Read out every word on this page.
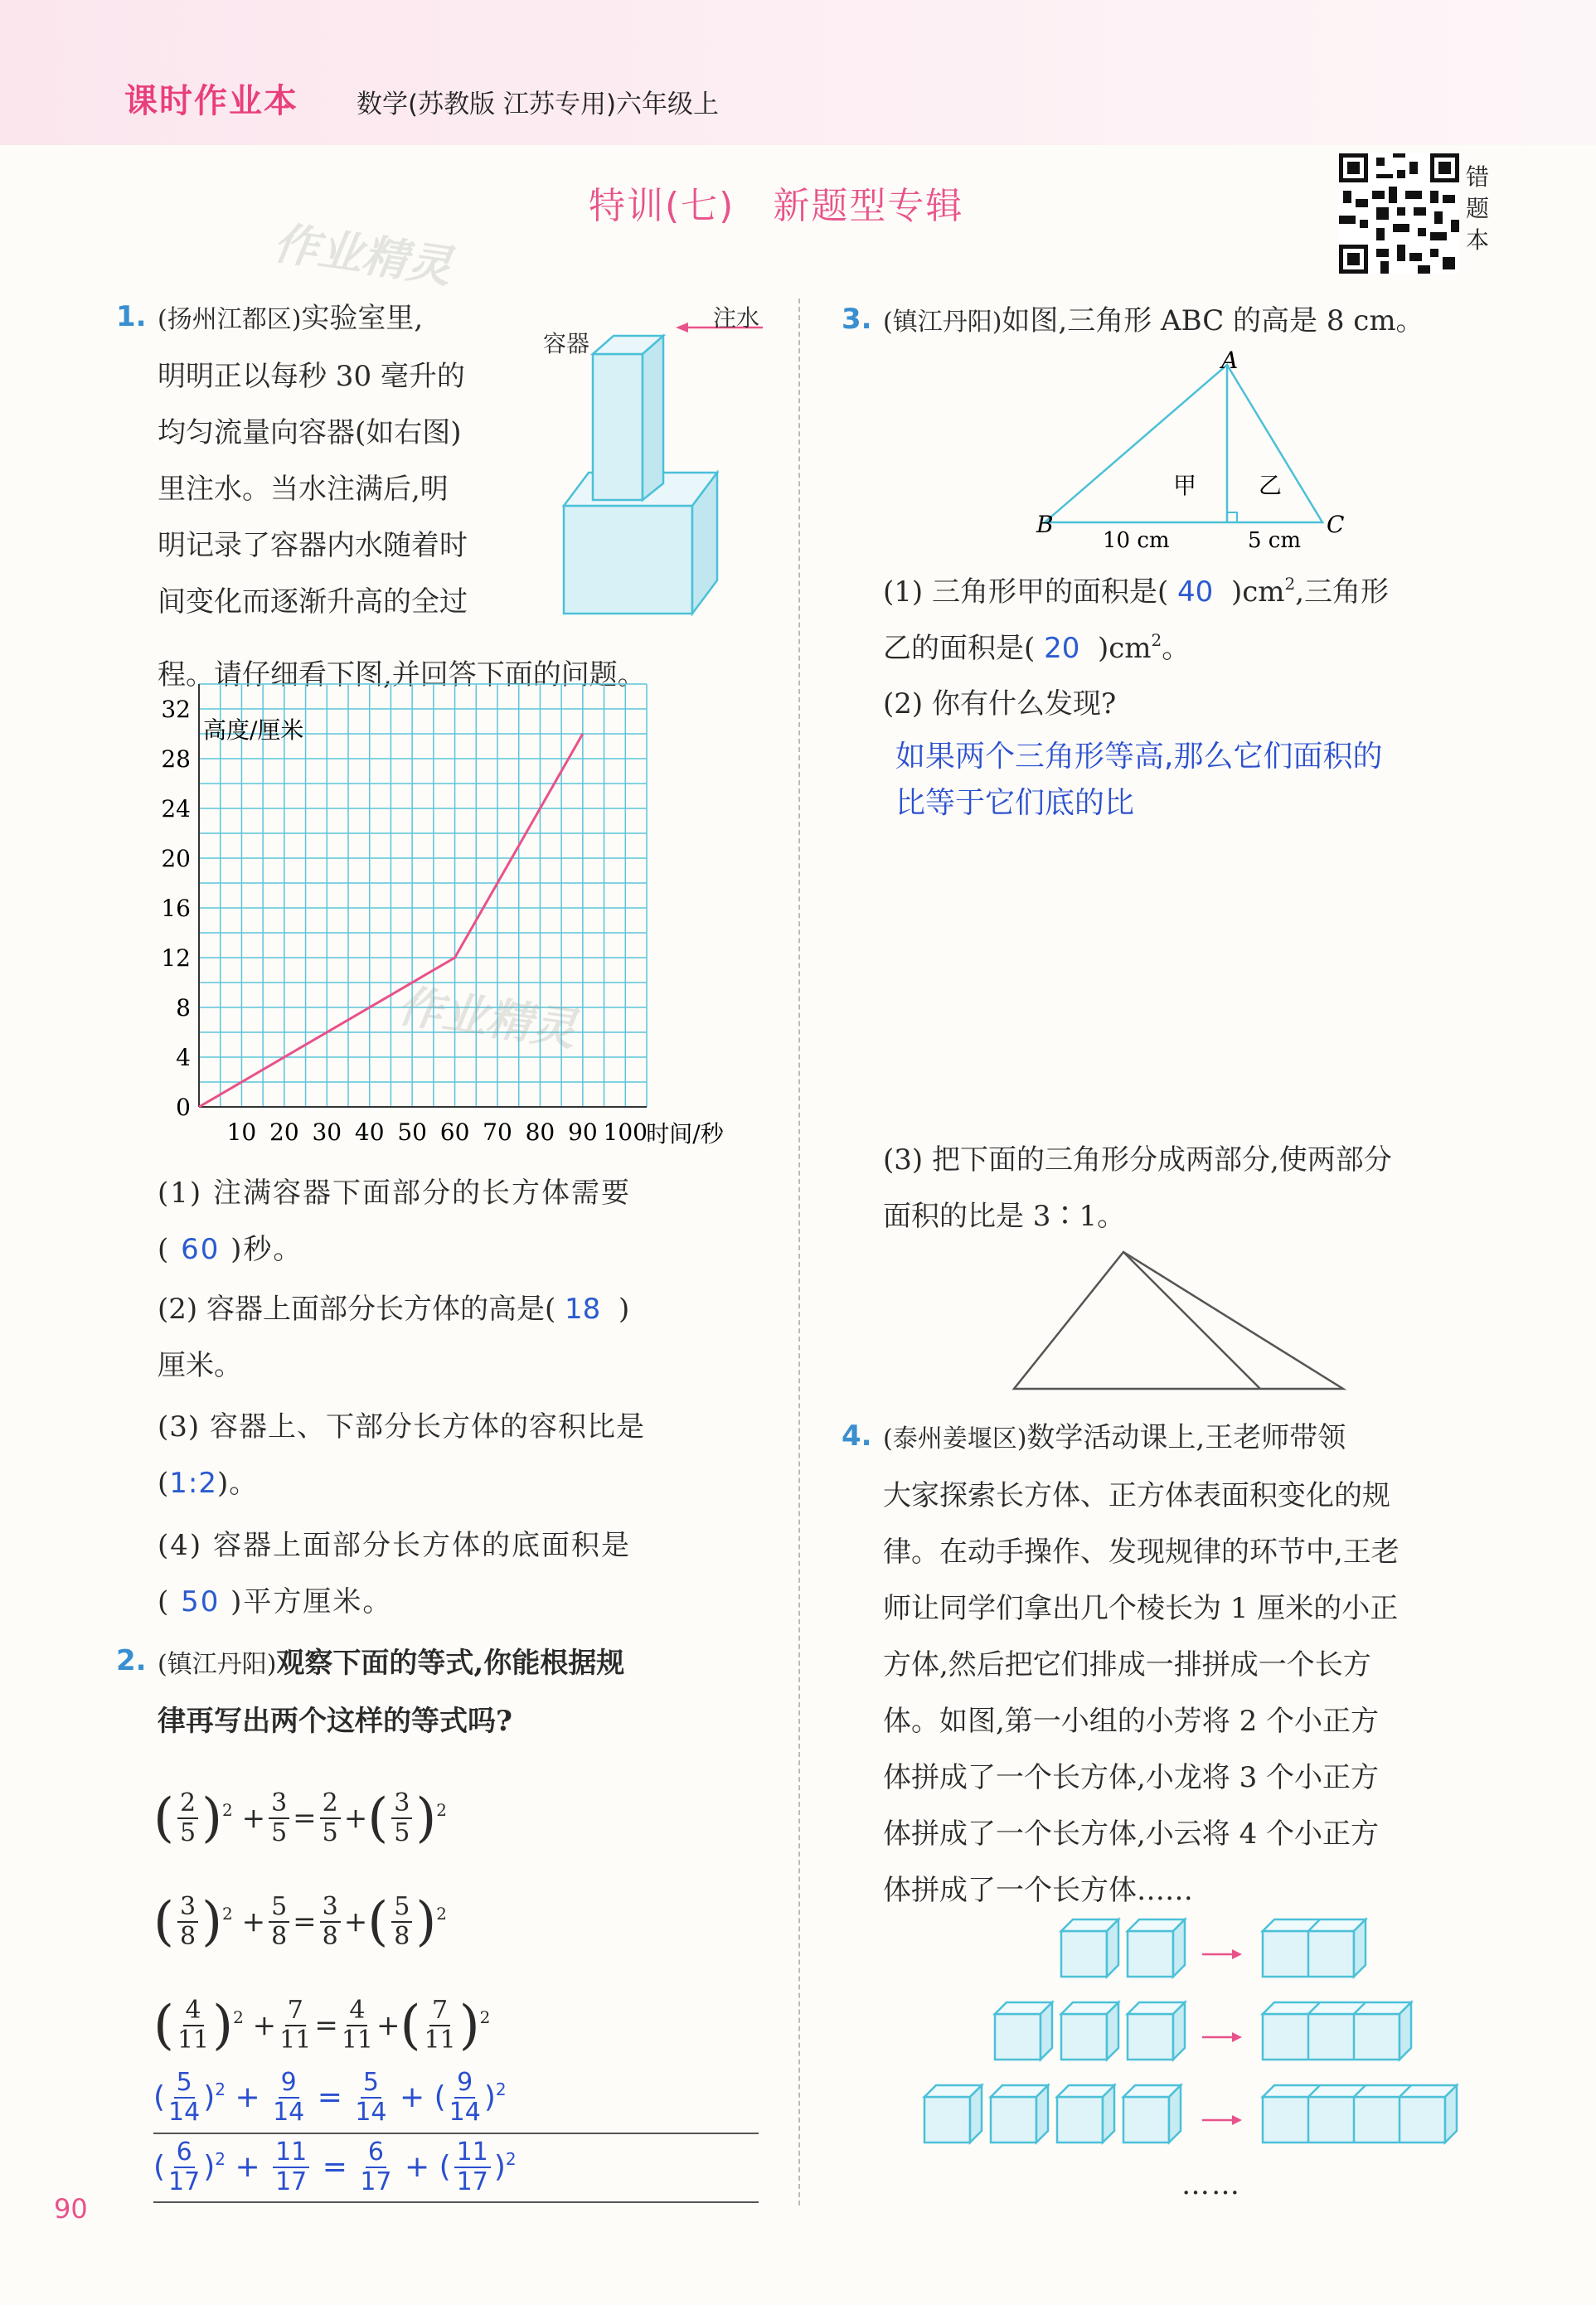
课时作业本 数学(苏教版 江苏专用)六年级上
特训(七)　新题型专辑
错题本
作业精灵
1. (扬州江都区)实验室里,
明明正以每秒 30 毫升的
均匀流量向容器(如右图)
里注水。当水注满后,明
明记录了容器内水随着时
间变化而逐渐升高的全过
程。请仔细看下图,并回答下面的问题。
容器
注水
0
4
8
12
16
20
24
28
32
10 20 30 40 50 60 70 80 90 100
高度/厘米
时间/秒
作业精灵
(1) 注满容器下面部分的长方体需要
( 60 )秒。
(2) 容器上面部分长方体的高是( 18 )
厘米。
(3) 容器上、下部分长方体的容积比是
(1:2)。
(4) 容器上面部分长方体的底面积是
( 50 )平方厘米。
2. (镇江丹阳)观察下面的等式,你能根据规
律再写出两个这样的等式吗?
( $\frac{2}{5}$ ) $2 + \frac{3}{5} = \frac{2}{5}$ + ( $\frac{3}{5}$ ) 2
( $\frac{3}{8}$ ) $2 + \frac{5}{8} = \frac{3}{8}$ + ( $\frac{5}{8}$ ) 2
( $\frac{4}{11}$ ) $2 + \frac{7}{11} = \frac{4}{11}$ + ( $\frac{7}{11}$ ) 2
( $\frac{5}{14}$ ) $2 + \frac{9}{14} = \frac{5}{14}$ + ( $\frac{9}{14}$ ) 2
( $\frac{6}{17}$ ) $2 + \frac{11}{17} = \frac{6}{17}$ + ( $\frac{11}{17}$ ) 2
3. (镇江丹阳)如图,三角形 ABC 的高是 8 cm。
B
A
C
甲	乙
10 cm	5 cm
(1) 三角形甲的面积是( 40 )$cm^2$,三角形
乙的面积是( 20 )$cm^2$。
(2) 你有什么发现?
如果两个三角形等高,那么它们面积的
比等于它们底的比
(3) 把下面的三角形分成两部分,使两部分
面积的比是 3∶1。
4. (泰州姜堰区)数学活动课上,王老师带领
大家探索长方体、正方体表面积变化的规
律。在动手操作、发现规律的环节中,王老
师让同学们拿出几个棱长为 1 厘米的小正
方体,然后把它们排成一排拼成一个长方
体。如图,第一小组的小芳将 2 个小正方
体拼成了一个长方体,小龙将 3 个小正方
体拼成了一个长方体,小云将 4 个小正方
体拼成了一个长方体……
……
90
